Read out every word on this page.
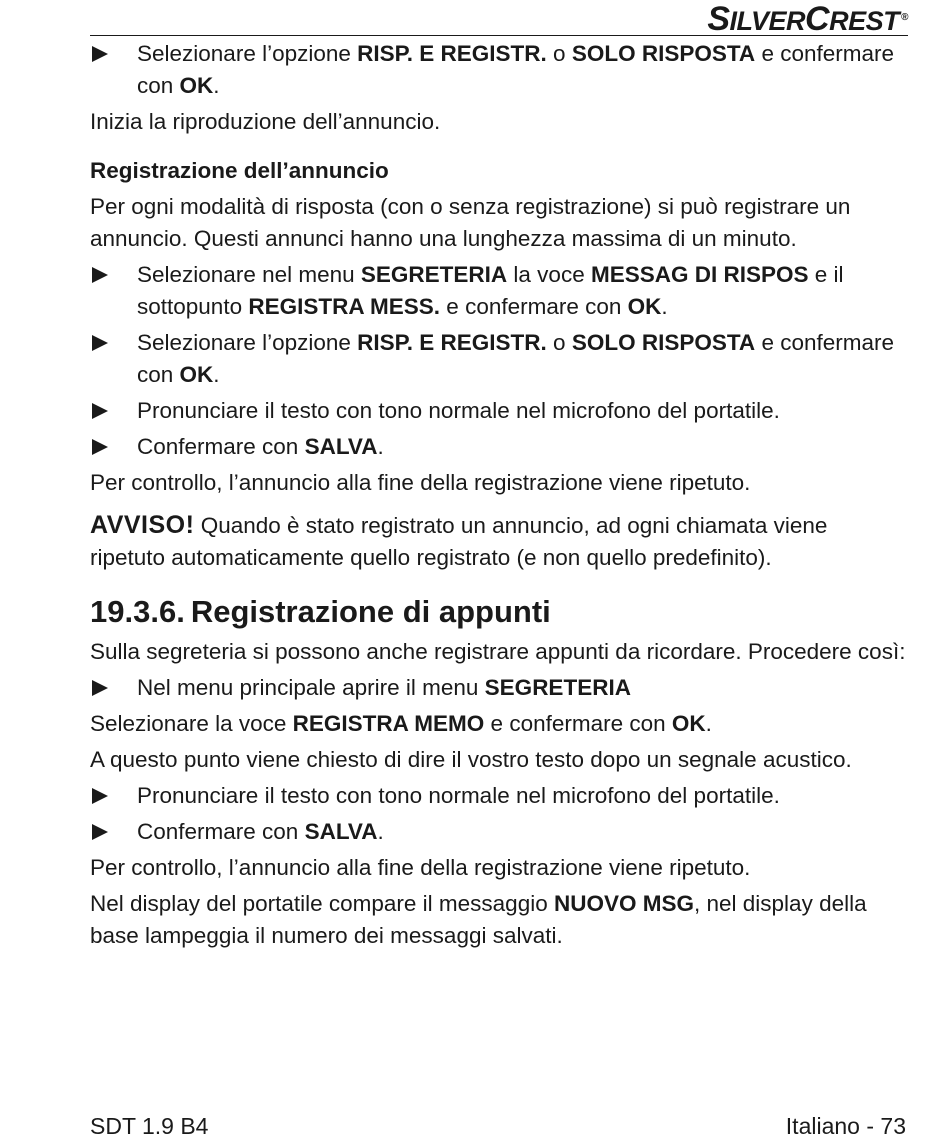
SILVERCREST ®
Selezionare l’opzione RISP. E REGISTR. o SOLO RISPOSTA e confermare con OK.

Inizia la riproduzione dell’annuncio.

Registrazione dell’annuncio

Per ogni modalità di risposta (con o senza registrazione) si può registrare un annuncio. Questi annunci hanno una lunghezza massima di un minuto.

Selezionare nel menu SEGRETERIA la voce MESSAG DI RISPOS e il sottopunto REGISTRA MESS. e confermare con OK.
Selezionare l’opzione RISP. E REGISTR. o SOLO RISPOSTA e confermare con OK.
Pronunciare il testo con tono normale nel microfono del portatile.
Confermare con SALVA.

Per controllo, l’annuncio alla fine della registrazione viene ripetuto.

AVVISO! Quando è stato registrato un annuncio, ad ogni chiamata viene ripetuto automaticamente quello registrato (e non quello predefinito).

19.3.6. Registrazione di appunti

Sulla segreteria si possono anche registrare appunti da ricordare. Procedere così:

Nel menu principale aprire il menu SEGRETERIA

Selezionare la voce REGISTRA MEMO e confermare con OK.

A questo punto viene chiesto di dire il vostro testo dopo un segnale acustico.

Pronunciare il testo con tono normale nel microfono del portatile.
Confermare con SALVA.

Per controllo, l’annuncio alla fine della registrazione viene ripetuto.

Nel display del portatile compare il messaggio NUOVO MSG, nel display della base lampeggia il numero dei messaggi salvati.

SDT 1.9 B4	Italiano - 73
